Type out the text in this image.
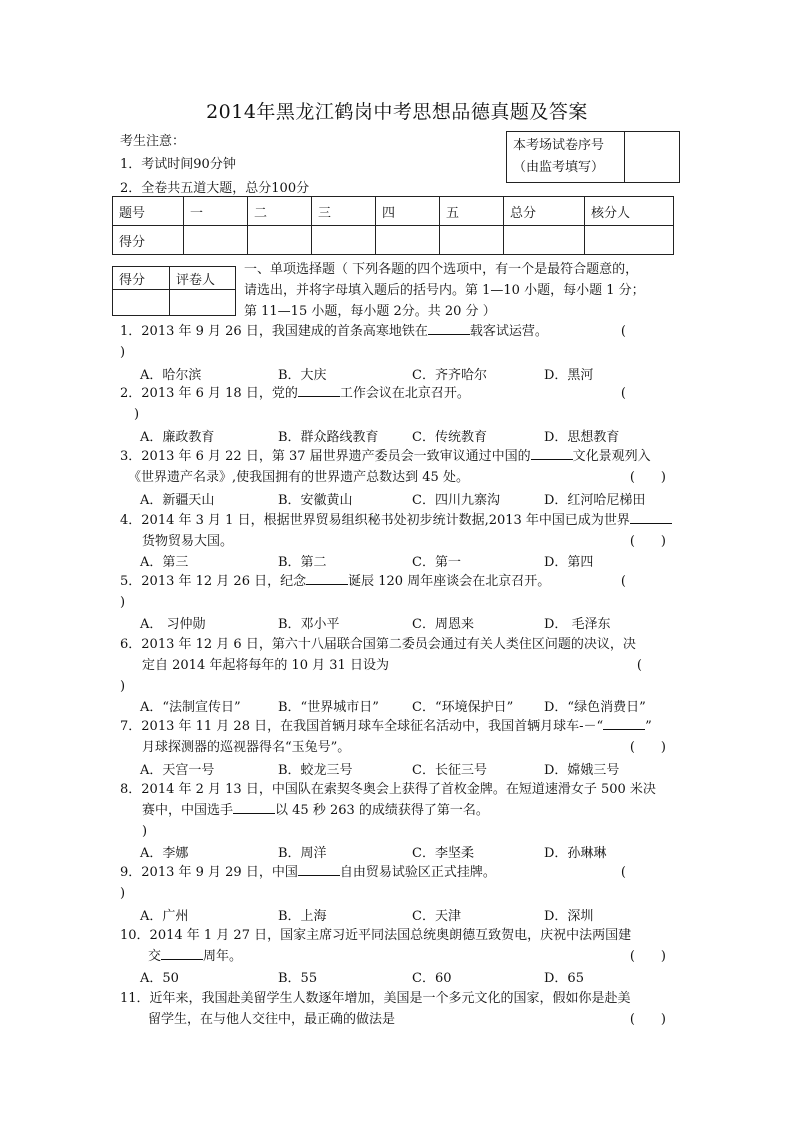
2014年黑龙江鹤岗中考思想品德真题及答案
考生注意：
1．考试时间90分钟
2．全卷共五道大题，总分100分
本考场试卷序号
（由监考填写）
题号	一	二	三	四	五	总分	核分人
得分							
得分	评卷人

一、单项选择题（ 下列各题的四个选项中，有一个是最符合题意的，
请选出，并将字母填入题后的括号内。第 1—10 小题，每小题 1 分；
第 11—15 小题，每小题 2分。共 20 分 ）
1．2013 年 9 月 26 日，我国建成的首条高寒地铁在	载客试运营。	(
)
A．哈尔滨	B．大庆	C．齐齐哈尔	D．黑河
2．2013 年 6 月 18 日，党的	工作会议在北京召开。	(
)
A．廉政教育	B．群众路线教育	C．传统教育	D．思想教育
3．2013 年 6 月 22 日，第 37 届世界遗产委员会一致审议通过中国的	文化景观列入
《世界遗产名录》,使我国拥有的世界遗产总数达到 45 处。	(　　)
A．新疆天山	B．安徽黄山	C．四川九寨沟	D．红河哈尼梯田
4．2014 年 3 月 1 日，根据世界贸易组织秘书处初步统计数据,2013 年中国已成为世界
货物贸易大国。	(　　)
A．第三	B．第二	C．第一	D．第四
5．2013 年 12 月 26 日，纪念	诞辰 120 周年座谈会在北京召开。	(
)
A． 习仲勋	B．邓小平	C．周恩来	D． 毛泽东
6．2013 年 12 月 6 日，第六十八届联合国第二委员会通过有关人类住区问题的决议，决
定自 2014 年起将每年的 10 月 31 日设为	(
)
A．“法制宣传日”	B．“世界城市日”	C．“环境保护日” D．“绿色消费日”
7．2013 年 11 月 28 日，在我国首辆月球车全球征名活动中，我国首辆月球车-－“	”
月球探测器的巡视器得名“玉兔号”。	(　　)
A．天宫一号	B．蛟龙三号	C．长征三号	D．嫦娥三号
8．2014 年 2 月 13 日，中国队在索契冬奥会上获得了首枚金牌。在短道速滑女子 500 米决
赛中，中国选手	以 45 秒 263 的成绩获得了第一名。
)
A．李娜	B．周洋	C．李坚柔	D．孙琳琳
9．2013 年 9 月 29 日，中国	自由贸易试验区正式挂牌。	(
)
A．广州	B．上海	C．天津	D．深圳
10．2014 年 1 月 27 日，国家主席习近平同法国总统奥朗德互致贺电，庆祝中法两国建
交	周年。	(　　)
A．50	B．55	C．60	D．65
11．近年来，我国赴美留学生人数逐年增加，美国是一个多元文化的国家，假如你是赴美
留学生，在与他人交往中，最正确的做法是	(　　)
